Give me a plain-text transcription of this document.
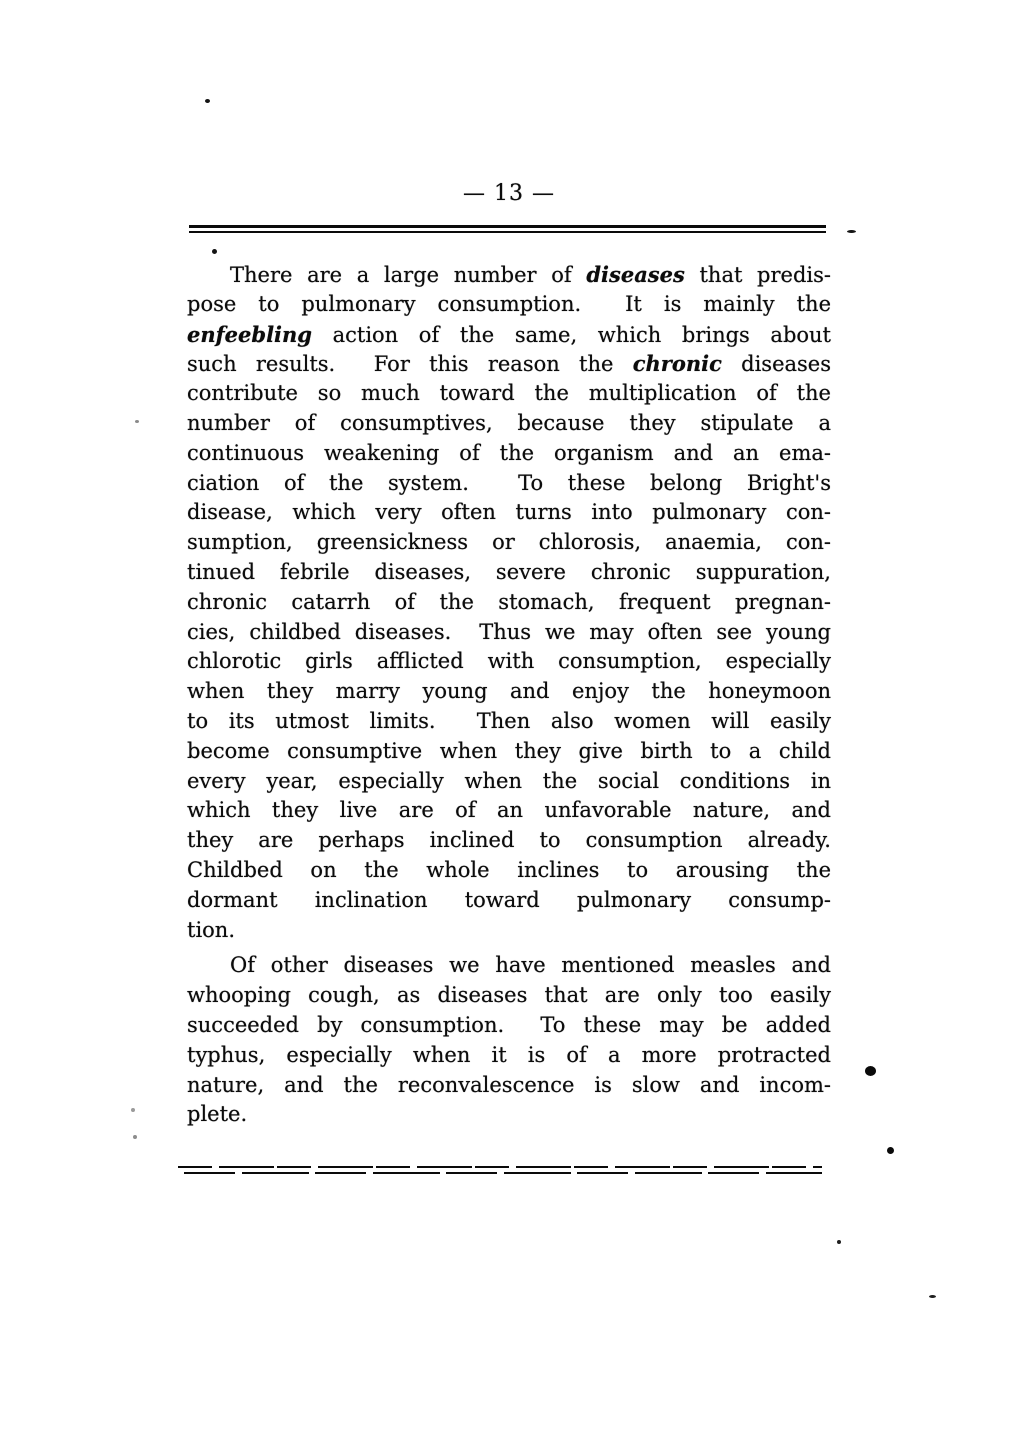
— 13 —
There are a large number of diseases that predis-
pose to pulmonary consumption.  It is mainly the
enfeebling action of the same, which brings about
such results.  For this reason the chronic diseases
contribute so much toward the multiplication of the
number of consumptives, because they stipulate a
continuous weakening of the organism and an ema-
ciation of the system.  To these belong Bright's
disease, which very often turns into pulmonary con-
sumption, greensickness or chlorosis, anaemia, con-
tinued febrile diseases, severe chronic suppuration,
chronic catarrh of the stomach, frequent pregnan-
cies, childbed diseases.  Thus we may often see young
chlorotic girls afflicted with consumption, especially
when they marry young and enjoy the honeymoon
to its utmost limits.  Then also women will easily
become consumptive when they give birth to a child
every year, especially when the social conditions in
which they live are of an unfavorable nature, and
they are perhaps inclined to consumption already.
Childbed on the whole inclines to arousing the
dormant inclination toward pulmonary consump-
tion.
Of other diseases we have mentioned measles and
whooping cough, as diseases that are only too easily
succeeded by consumption.  To these may be added
typhus, especially when it is of a more protracted
nature, and the reconvalescence is slow and incom-
plete.
